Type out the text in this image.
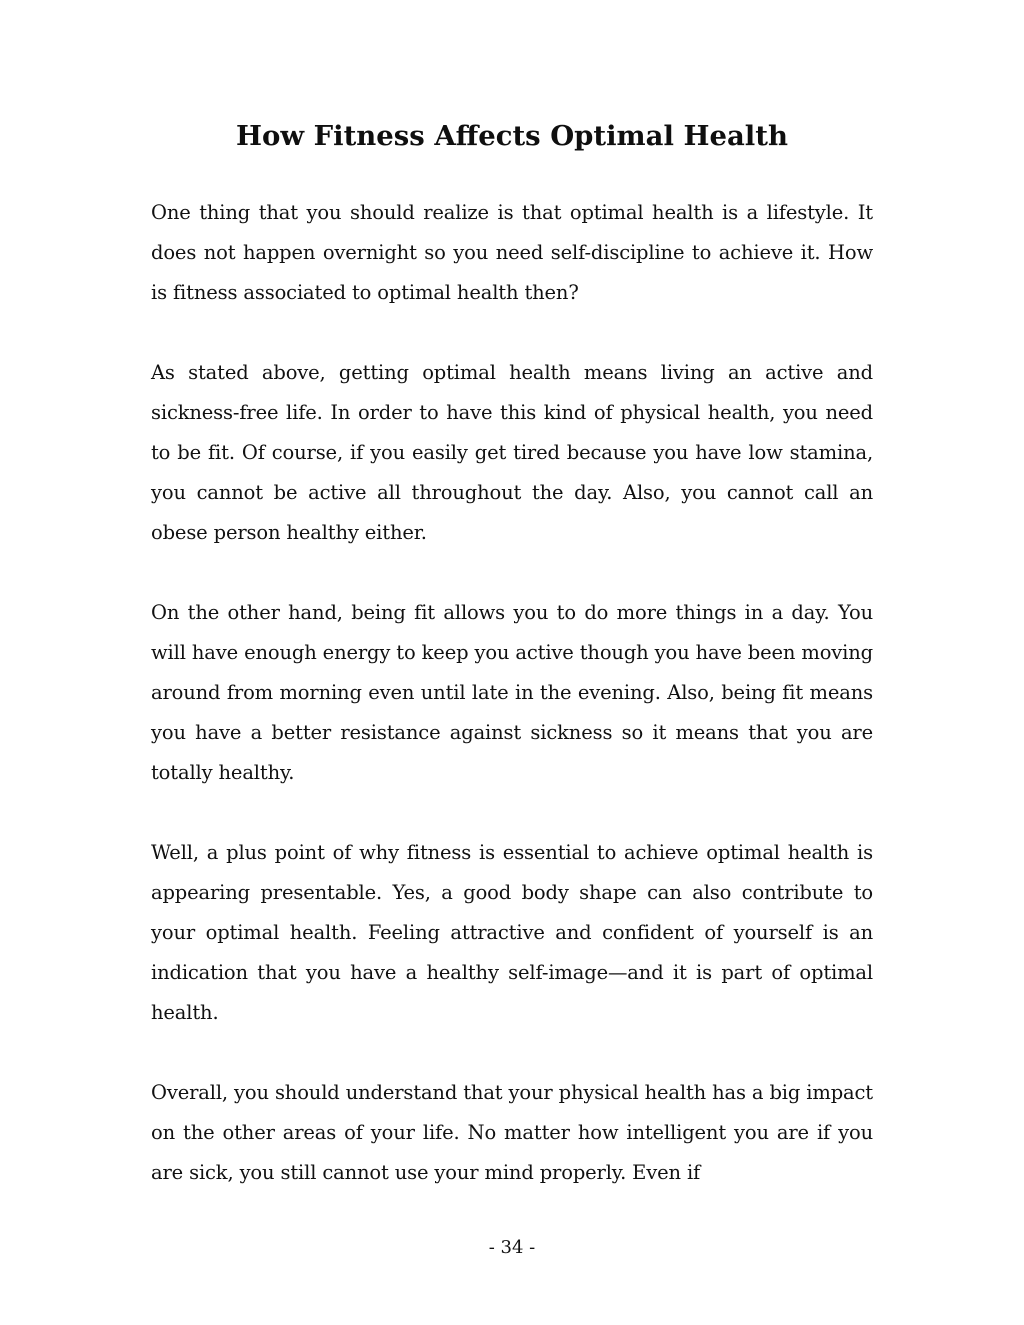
How Fitness Affects Optimal Health

One thing that you should realize is that optimal health is a lifestyle. It does not happen overnight so you need self-discipline to achieve it. How is fitness associated to optimal health then?

As stated above, getting optimal health means living an active and sickness-free life. In order to have this kind of physical health, you need to be fit. Of course, if you easily get tired because you have low stamina, you cannot be active all throughout the day. Also, you cannot call an obese person healthy either.

On the other hand, being fit allows you to do more things in a day. You will have enough energy to keep you active though you have been moving around from morning even until late in the evening. Also, being fit means you have a better resistance against sickness so it means that you are totally healthy.

Well, a plus point of why fitness is essential to achieve optimal health is appearing presentable. Yes, a good body shape can also contribute to your optimal health. Feeling attractive and confident of yourself is an indication that you have a healthy self-image—and it is part of optimal health.

Overall, you should understand that your physical health has a big impact on the other areas of your life. No matter how intelligent you are if you are sick, you still cannot use your mind properly. Even if

- 34 -
